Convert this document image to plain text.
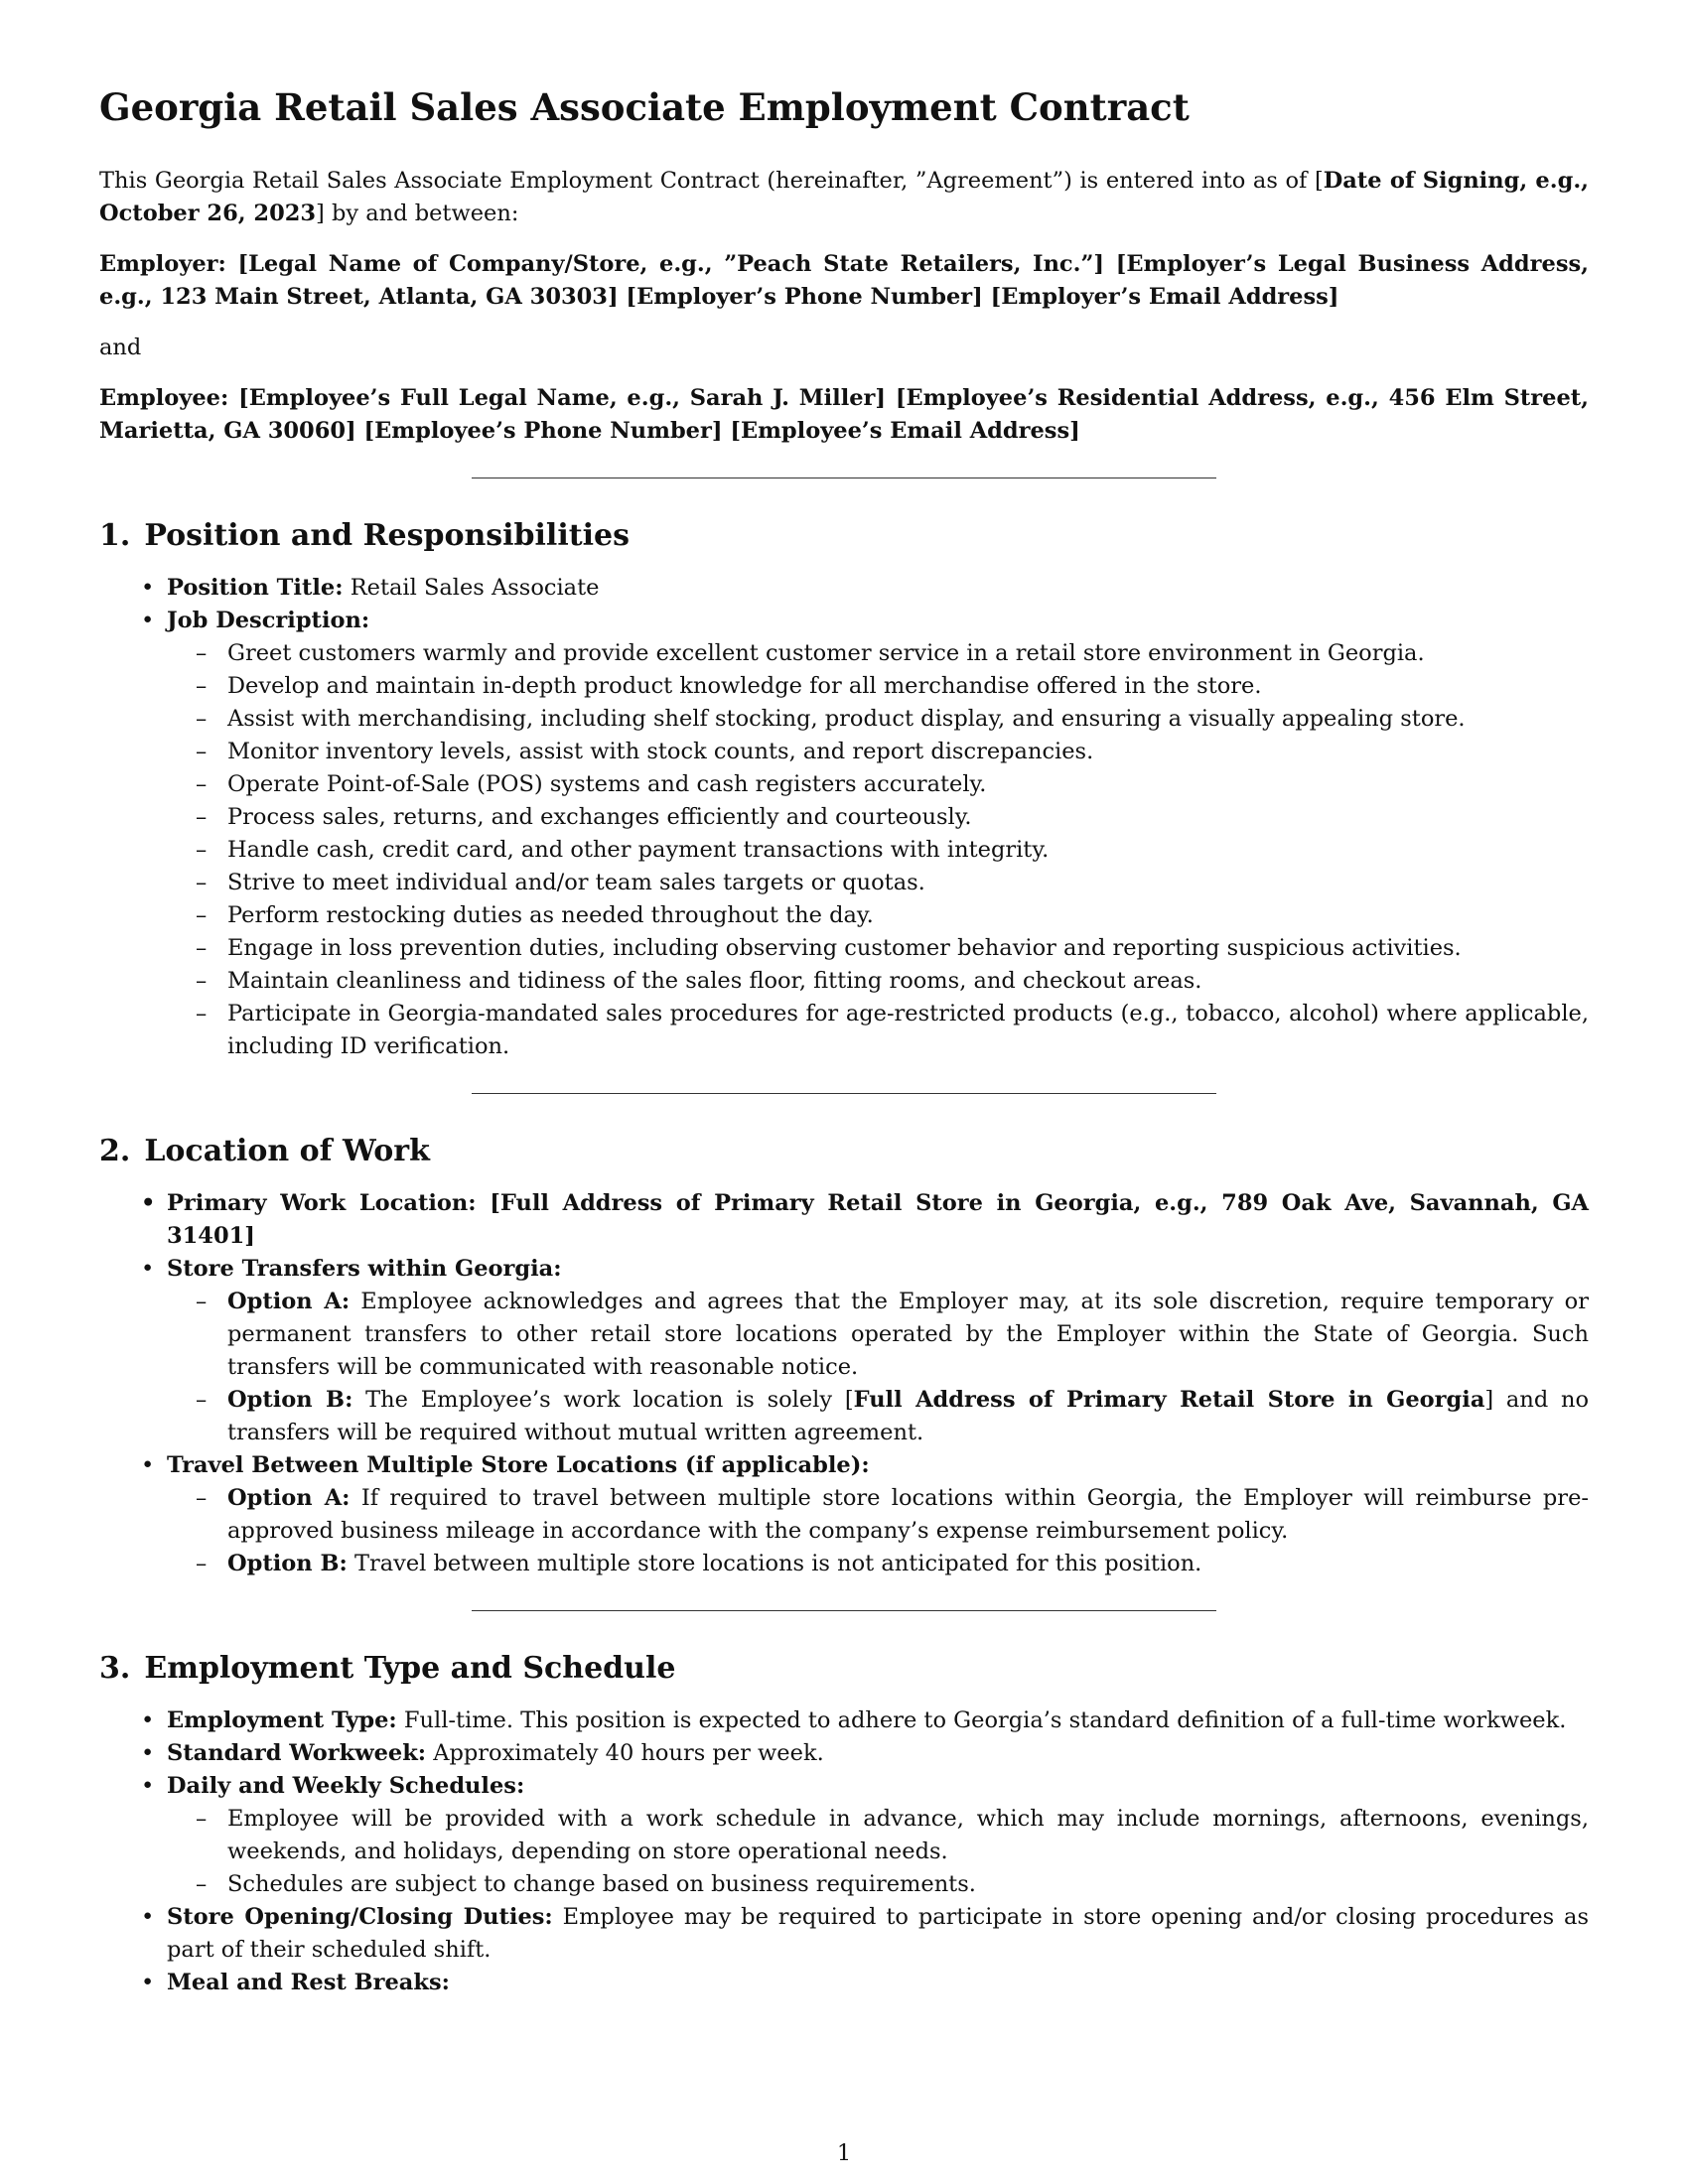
Georgia Retail Sales Associate Employment Contract

This Georgia Retail Sales Associate Employment Contract (hereinafter, ”Agreement”) is entered into as of [Date of Signing, e.g., October 26, 2023] by and between:

Employer: [Legal Name of Company/Store, e.g., ”Peach State Retailers, Inc.”] [Employer’s Legal Business Address, e.g., 123 Main Street, Atlanta, GA 30303] [Employer’s Phone Number] [Employer’s Email Address]

and

Employee: [Employee’s Full Legal Name, e.g., Sarah J. Miller] [Employee’s Residential Address, e.g., 456 Elm Street, Marietta, GA 30060] [Employee’s Phone Number] [Employee’s Email Address]

1. Position and Responsibilities
• Position Title: Retail Sales Associate
• Job Description:
– Greet customers warmly and provide excellent customer service in a retail store environment in Georgia.
– Develop and maintain in-depth product knowledge for all merchandise offered in the store.
– Assist with merchandising, including shelf stocking, product display, and ensuring a visually appealing store.
– Monitor inventory levels, assist with stock counts, and report discrepancies.
– Operate Point-of-Sale (POS) systems and cash registers accurately.
– Process sales, returns, and exchanges efficiently and courteously.
– Handle cash, credit card, and other payment transactions with integrity.
– Strive to meet individual and/or team sales targets or quotas.
– Perform restocking duties as needed throughout the day.
– Engage in loss prevention duties, including observing customer behavior and reporting suspicious activities.
– Maintain cleanliness and tidiness of the sales floor, fitting rooms, and checkout areas.
– Participate in Georgia-mandated sales procedures for age-restricted products (e.g., tobacco, alcohol) where applicable, including ID verification.
2. Location of Work
• Primary Work Location: [Full Address of Primary Retail Store in Georgia, e.g., 789 Oak Ave, Savannah, GA 31401]
• Store Transfers within Georgia:
– Option A: Employee acknowledges and agrees that the Employer may, at its sole discretion, require temporary or permanent transfers to other retail store locations operated by the Employer within the State of Georgia. Such transfers will be communicated with reasonable notice.
– Option B: The Employee’s work location is solely [Full Address of Primary Retail Store in Georgia] and no transfers will be required without mutual written agreement.
• Travel Between Multiple Store Locations (if applicable):
– Option A: If required to travel between multiple store locations within Georgia, the Employer will reimburse pre-approved business mileage in accordance with the company’s expense reimbursement policy.
– Option B: Travel between multiple store locations is not anticipated for this position.
3. Employment Type and Schedule
• Employment Type: Full-time. This position is expected to adhere to Georgia’s standard definition of a full-time workweek.
• Standard Workweek: Approximately 40 hours per week.
• Daily and Weekly Schedules:
– Employee will be provided with a work schedule in advance, which may include mornings, afternoons, evenings, weekends, and holidays, depending on store operational needs.
– Schedules are subject to change based on business requirements.
• Store Opening/Closing Duties: Employee may be required to participate in store opening and/or closing procedures as part of their scheduled shift.
• Meal and Rest Breaks:
1
